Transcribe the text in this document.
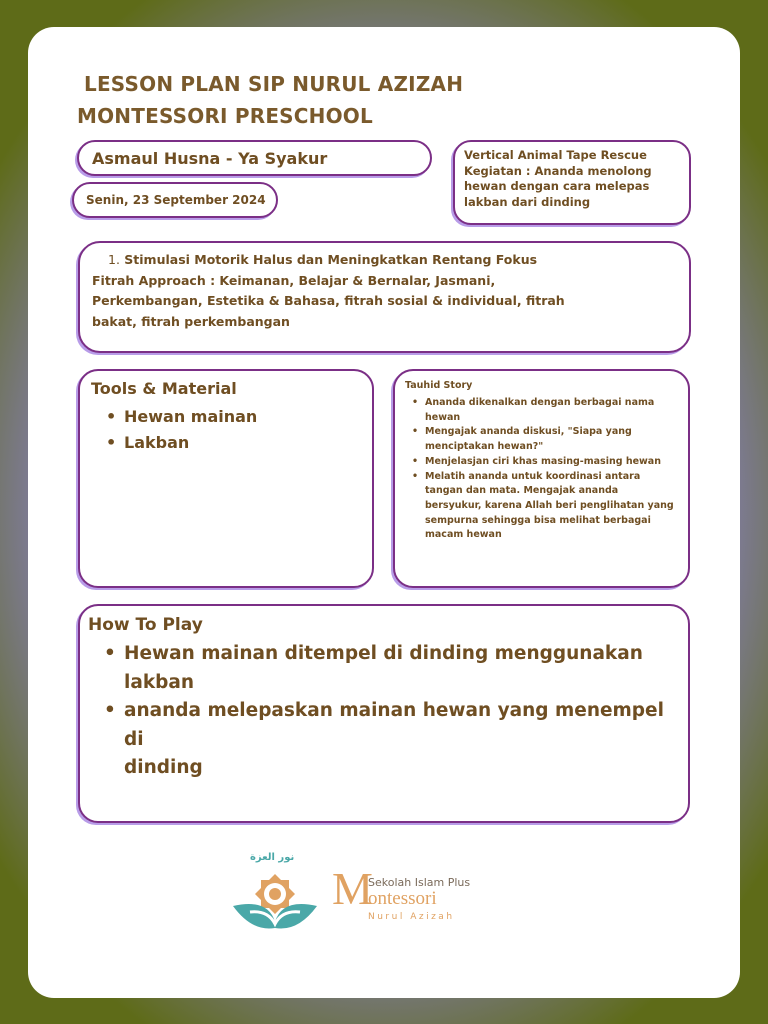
LESSON PLAN SIP NURUL AZIZAH
MONTESSORI PRESCHOOL
Asmaul Husna - Ya Syakur
Senin, 23 September 2024
Vertical Animal Tape Rescue
Kegiatan : Ananda menolong
hewan dengan cara melepas
lakban dari dinding
1. Stimulasi Motorik Halus dan Meningkatkan Rentang Fokus
Fitrah Approach : Keimanan, Belajar & Bernalar, Jasmani,
Perkembangan, Estetika & Bahasa, fitrah sosial & individual, fitrah
bakat, fitrah perkembangan
Tools & Material
• Hewan mainan
• Lakban
Tauhid Story
• Ananda dikenalkan dengan berbagai nama
hewan
• Mengajak ananda diskusi, "Siapa yang
menciptakan hewan?"
• Menjelasjan ciri khas masing-masing hewan
• Melatih ananda untuk koordinasi antara
tangan dan mata. Mengajak ananda
bersyukur, karena Allah beri penglihatan yang
sempurna sehingga bisa melihat berbagai
macam hewan
How To Play
• Hewan mainan ditempel di dinding menggunakan
lakban
• ananda melepaskan mainan hewan yang menempel di
dinding
نور العزة
M
Sekolah Islam Plus
ontessori
Nurul Azizah
